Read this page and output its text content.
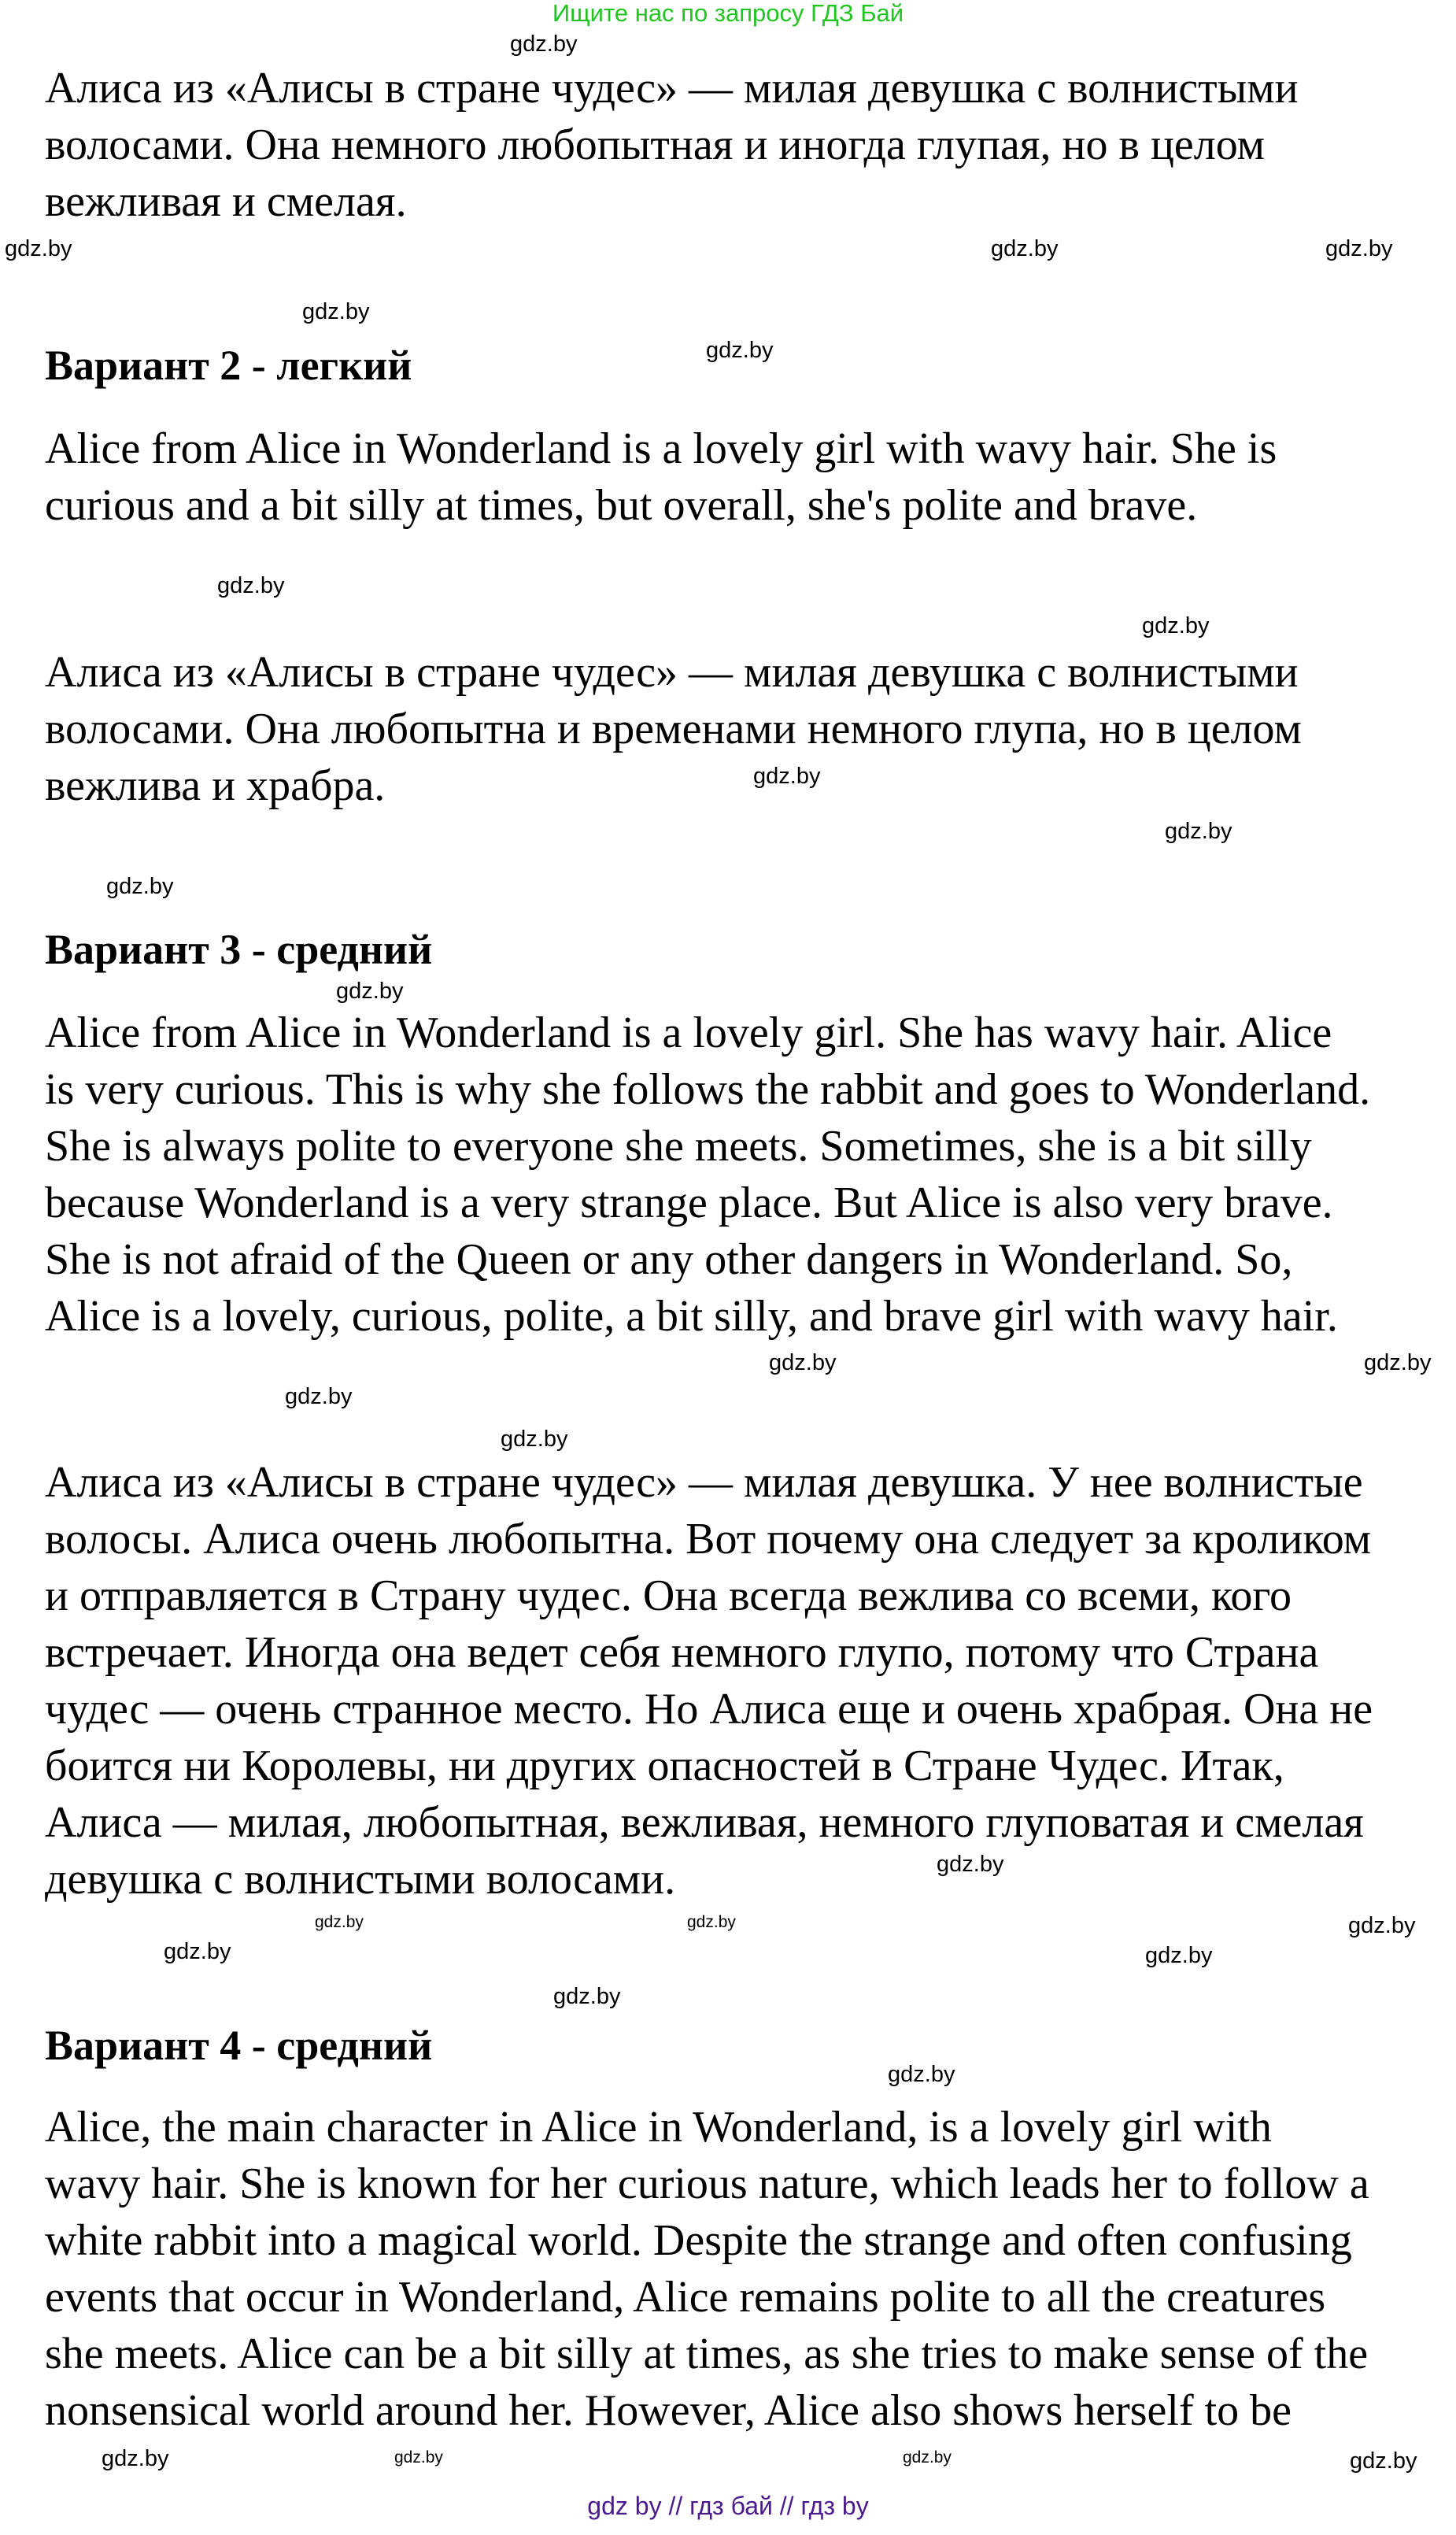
Ищите нас по запросу ГДЗ Бай
Алиса из «Алисы в стране чудес» — милая девушка с волнистыми
волосами. Она немного любопытная и иногда глупая, но в целом
вежливая и смелая.
Вариант 2 - легкий
Alice from Alice in Wonderland is a lovely girl with wavy hair. She is
curious and a bit silly at times, but overall, she's polite and brave.
Алиса из «Алисы в стране чудес» — милая девушка с волнистыми
волосами. Она любопытна и временами немного глупа, но в целом
вежлива и храбра.
Вариант 3 - средний
Alice from Alice in Wonderland is a lovely girl. She has wavy hair. Alice
is very curious. This is why she follows the rabbit and goes to Wonderland.
She is always polite to everyone she meets. Sometimes, she is a bit silly
because Wonderland is a very strange place. But Alice is also very brave.
She is not afraid of the Queen or any other dangers in Wonderland. So,
Alice is a lovely, curious, polite, a bit silly, and brave girl with wavy hair.
Алиса из «Алисы в стране чудес» — милая девушка. У нее волнистые
волосы. Алиса очень любопытна. Вот почему она следует за кроликом
и отправляется в Страну чудес. Она всегда вежлива со всеми, кого
встречает. Иногда она ведет себя немного глупо, потому что Страна
чудес — очень странное место. Но Алиса еще и очень храбрая. Она не
боится ни Королевы, ни других опасностей в Стране Чудес. Итак,
Алиса — милая, любопытная, вежливая, немного глуповатая и смелая
девушка с волнистыми волосами.
Вариант 4 - средний
Alice, the main character in Alice in Wonderland, is a lovely girl with
wavy hair. She is known for her curious nature, which leads her to follow a
white rabbit into a magical world. Despite the strange and often confusing
events that occur in Wonderland, Alice remains polite to all the creatures
she meets. Alice can be a bit silly at times, as she tries to make sense of the
nonsensical world around her. However, Alice also shows herself to be
gdz by // гдз бай // гдз by
gdz.by
gdz.by
gdz.by
gdz.by
gdz.by
gdz.by
gdz.by
gdz.by
gdz.by
gdz.by
gdz.by
gdz.by
gdz.by
gdz.by
gdz.by
gdz.by
gdz.by	gdz.by	gdz.by
gdz.by
gdz.by
gdz.by
gdz.by
gdz.by
gdz.by
gdz.by	gdz.by
gdz.by
